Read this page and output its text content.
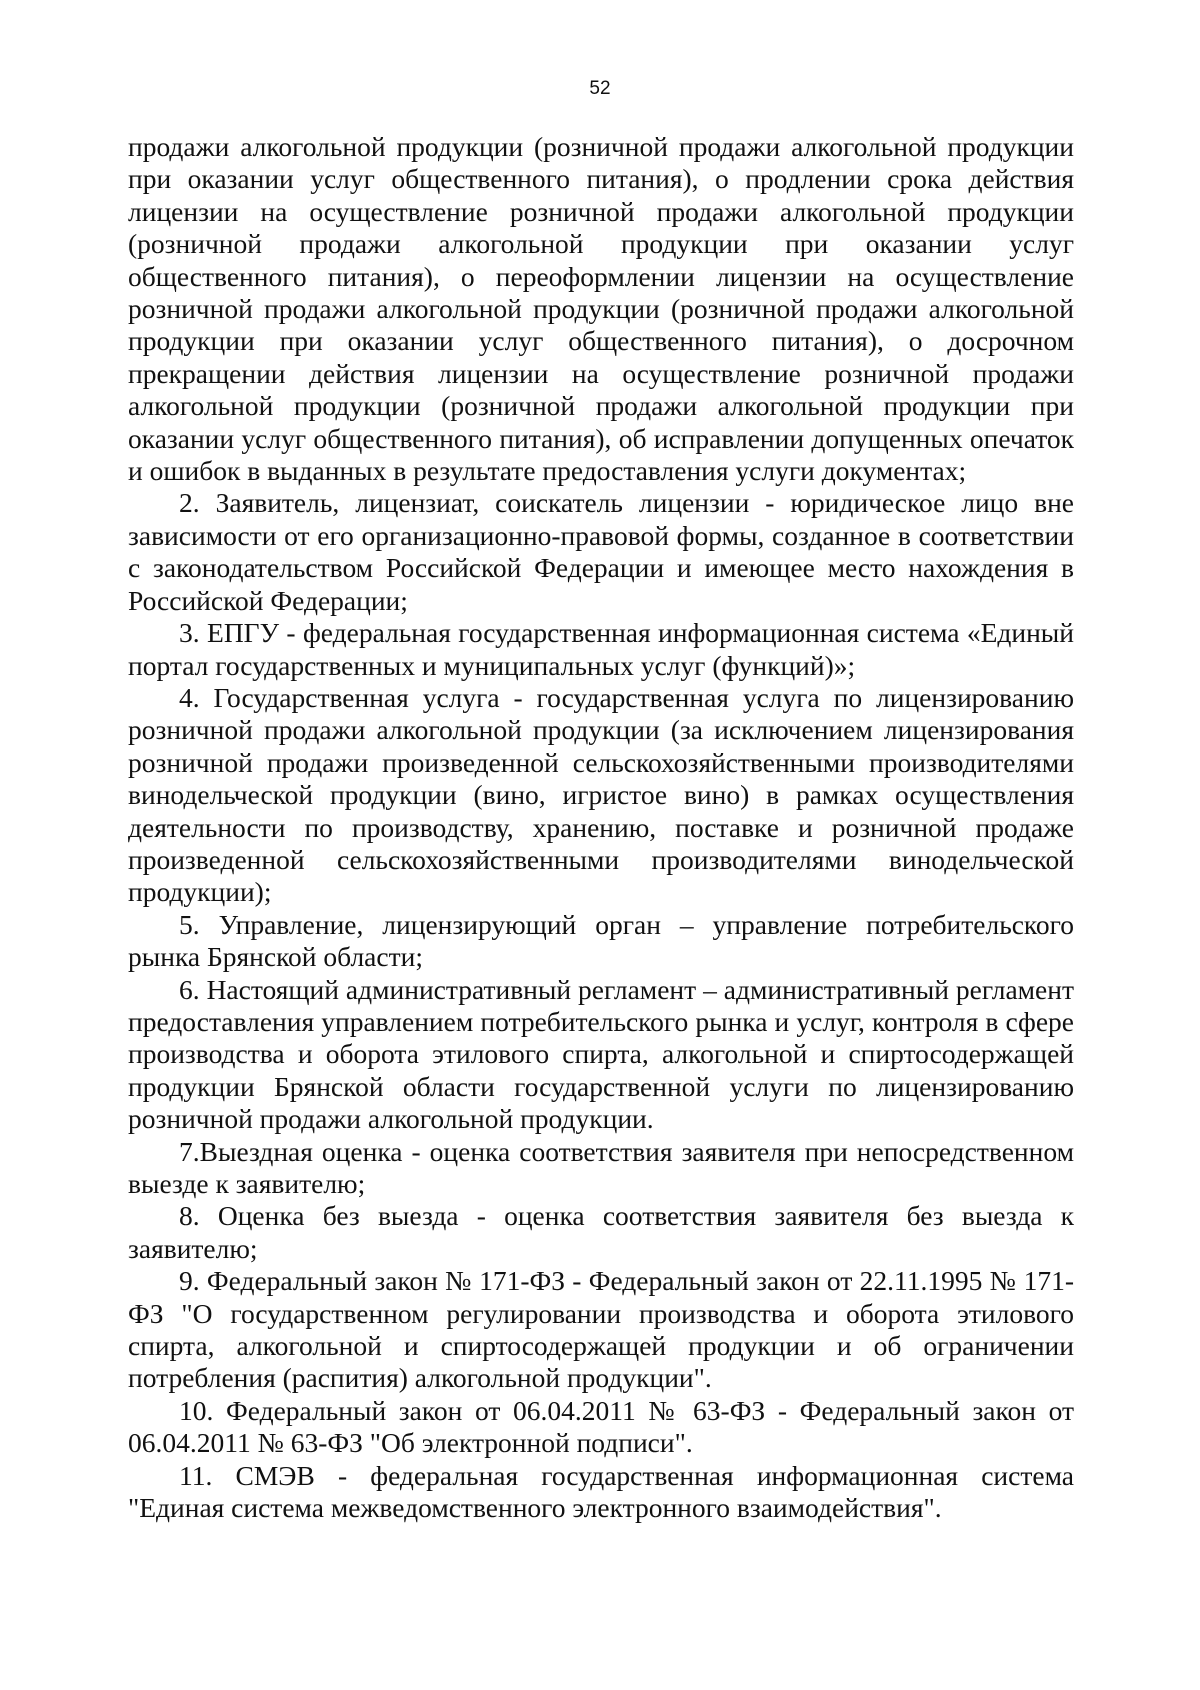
52

продажи алкогольной продукции (розничной продажи алкогольной продукции при оказании услуг общественного питания), о продлении срока действия лицензии на осуществление розничной продажи алкогольной продукции (розничной продажи алкогольной продукции при оказании услуг общественного питания), о переоформлении лицензии на осуществление розничной продажи алкогольной продукции (розничной продажи алкогольной продукции при оказании услуг общественного питания), о досрочном прекращении действия лицензии на осуществление розничной продажи алкогольной продукции (розничной продажи алкогольной продукции при оказании услуг общественного питания), об исправлении допущенных опечаток и ошибок в выданных в результате предоставления услуги документах;

2. Заявитель, лицензиат, соискатель лицензии - юридическое лицо вне зависимости от его организационно-правовой формы, созданное в соответствии с законодательством Российской Федерации и имеющее место нахождения в Российской Федерации;

3. ЕПГУ - федеральная государственная информационная система «Единый портал государственных и муниципальных услуг (функций)»;

4. Государственная услуга - государственная услуга по лицензированию розничной продажи алкогольной продукции (за исключением лицензирования розничной продажи произведенной сельскохозяйственными производителями винодельческой продукции (вино, игристое вино) в рамках осуществления деятельности по производству, хранению, поставке и розничной продаже произведенной сельскохозяйственными производителями винодельческой продукции);

5. Управление, лицензирующий орган – управление потребительского рынка Брянской области;

6. Настоящий административный регламент – административный регламент предоставления управлением потребительского рынка и услуг, контроля в сфере производства и оборота этилового спирта, алкогольной и спиртосодержащей продукции Брянской области государственной услуги по лицензированию розничной продажи алкогольной продукции.

7.Выездная оценка - оценка соответствия заявителя при непосредственном выезде к заявителю;

8. Оценка без выезда - оценка соответствия заявителя без выезда к заявителю;

9. Федеральный закон № 171-ФЗ - Федеральный закон от 22.11.1995 № 171-ФЗ "О государственном регулировании производства и оборота этилового спирта, алкогольной и спиртосодержащей продукции и об ограничении потребления (распития) алкогольной продукции".

10. Федеральный закон от 06.04.2011 № 63-ФЗ - Федеральный закон от 06.04.2011 № 63-ФЗ "Об электронной подписи".

11. СМЭВ - федеральная государственная информационная система "Единая система межведомственного электронного взаимодействия".
